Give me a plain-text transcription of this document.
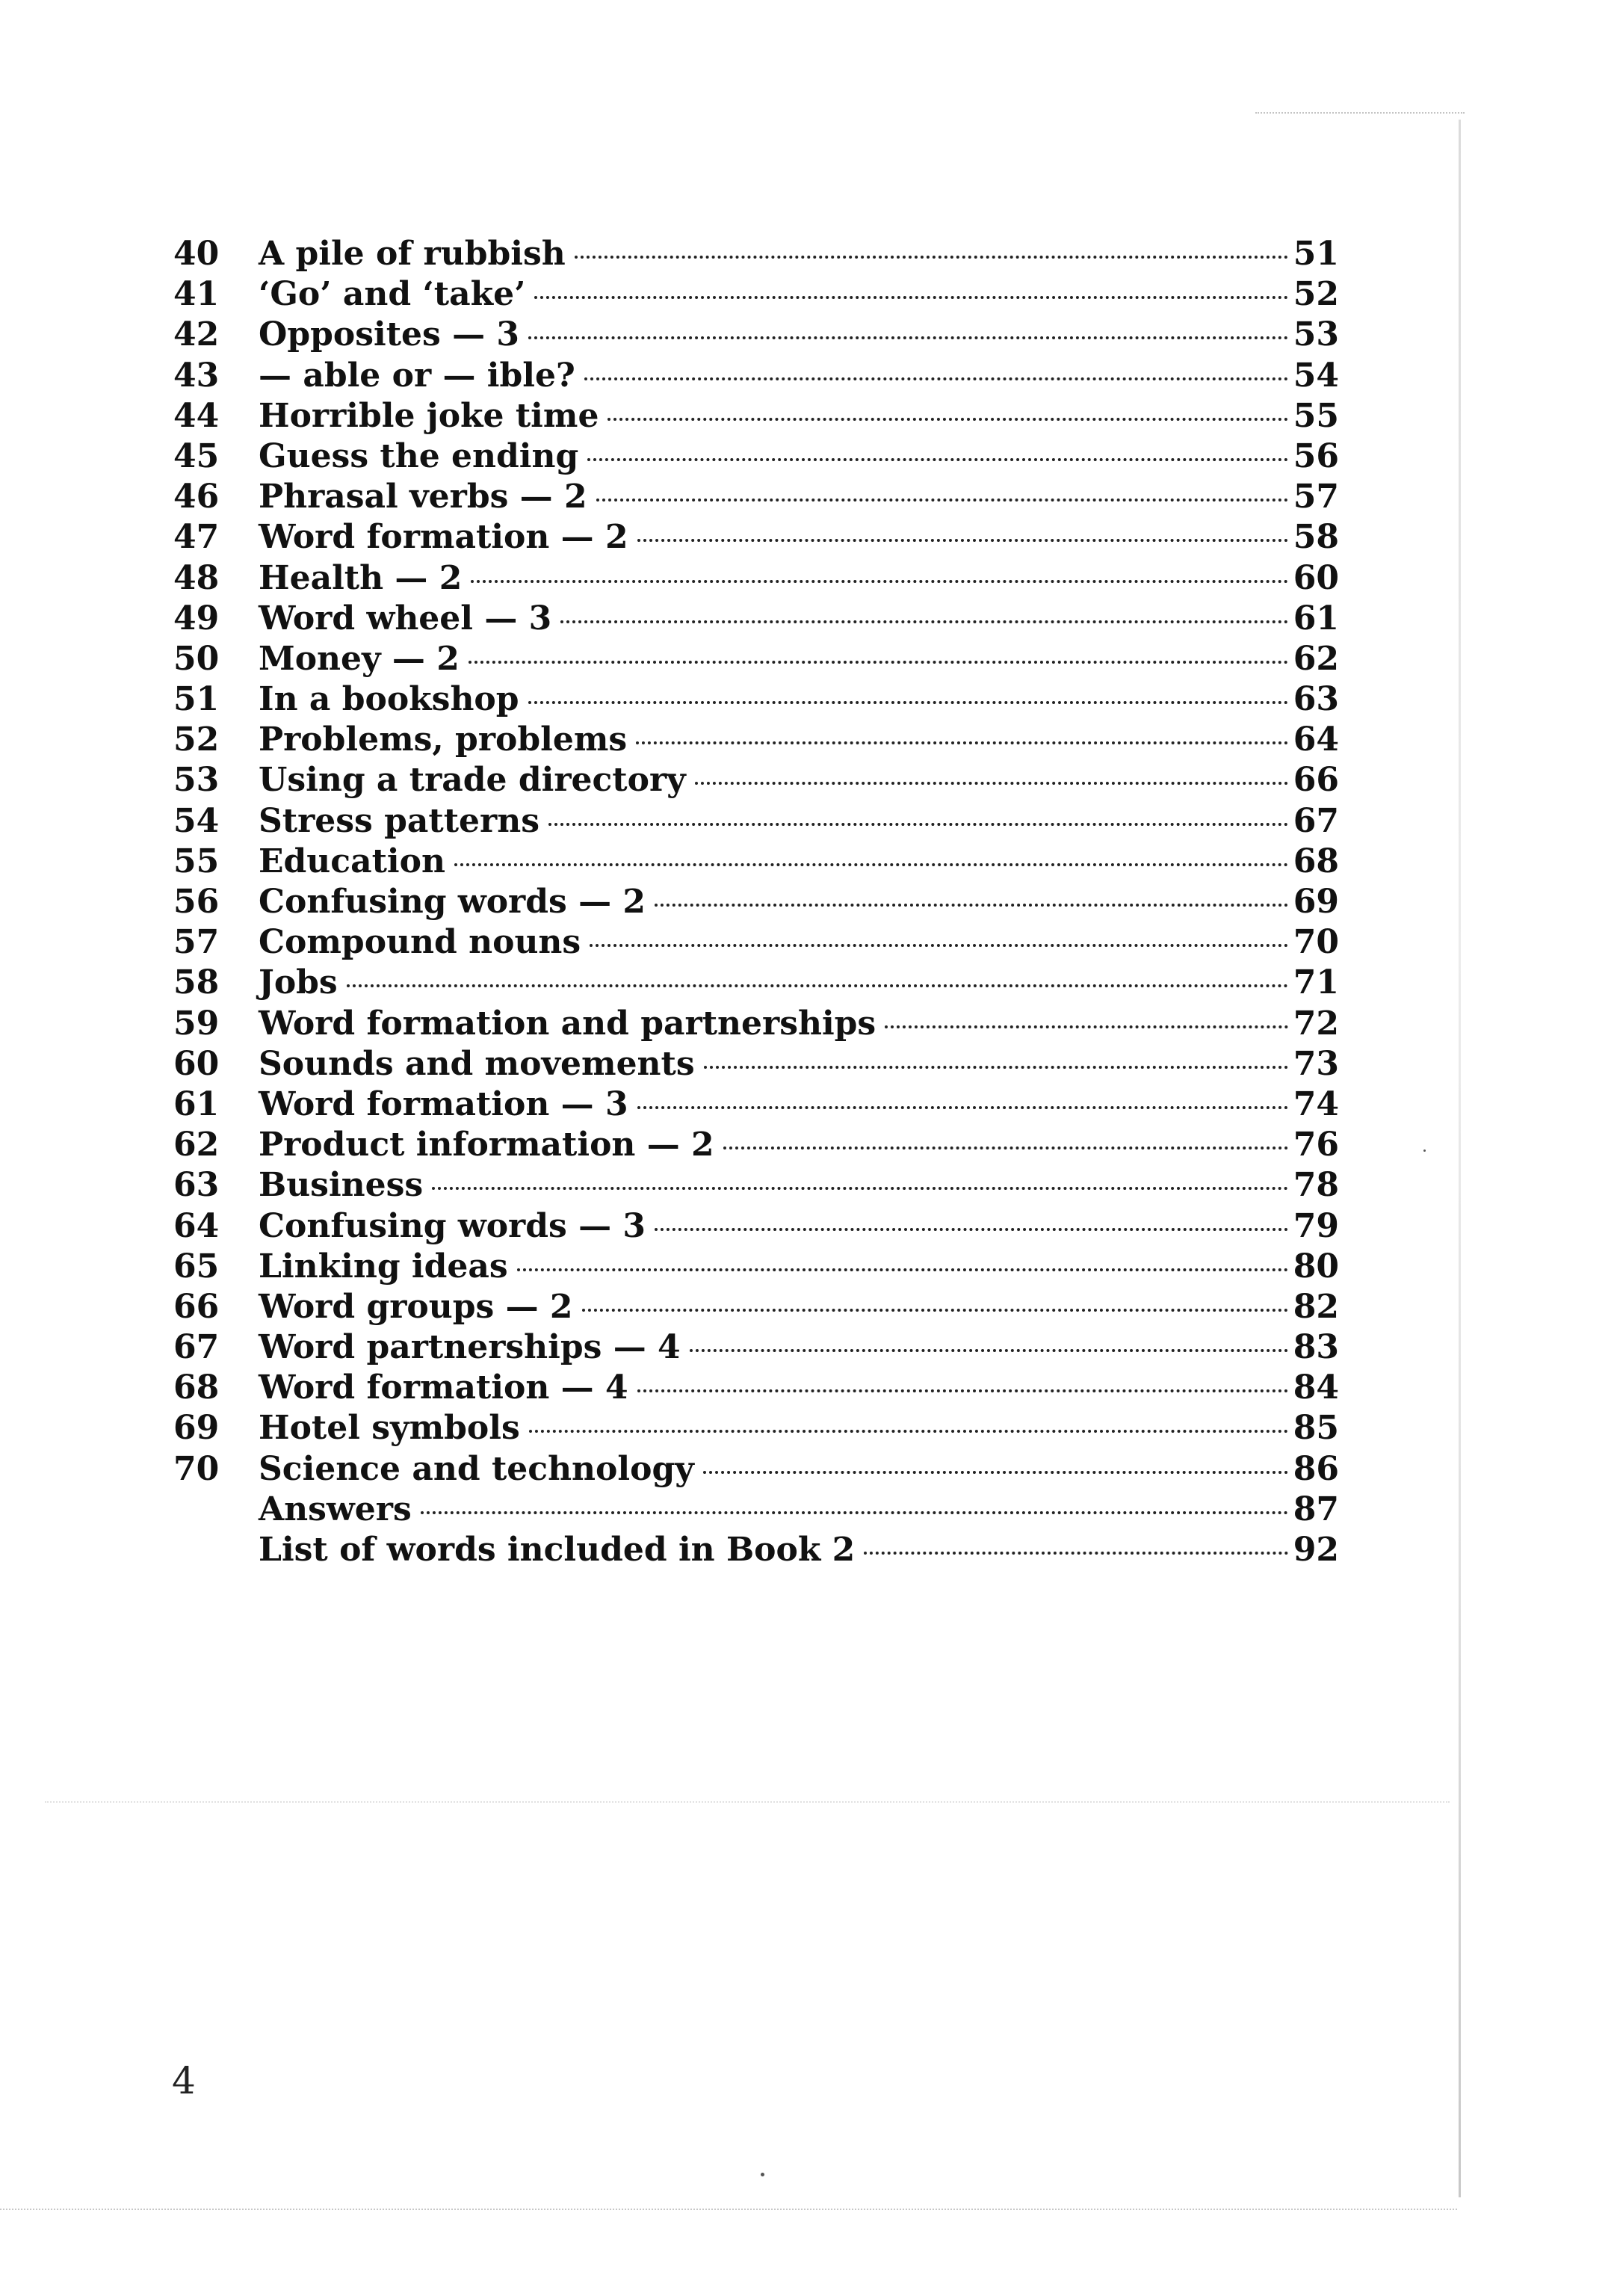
40	A pile of rubbish	51
41	‘Go’ and ‘take’	52
42	Opposites — 3	53
43	— able or — ible?	54
44	Horrible joke time	55
45	Guess the ending	56
46	Phrasal verbs — 2	57
47	Word formation — 2	58
48	Health — 2	60
49	Word wheel — 3	61
50	Money — 2	62
51	In a bookshop	63
52	Problems, problems	64
53	Using a trade directory	66
54	Stress patterns	67
55	Education	68
56	Confusing words — 2	69
57	Compound nouns	70
58	Jobs	71
59	Word formation and partnerships	72
60	Sounds and movements	73
61	Word formation — 3	74
62	Product information — 2	76
63	Business	78
64	Confusing words — 3	79
65	Linking ideas	80
66	Word groups — 2	82
67	Word partnerships — 4	83
68	Word formation — 4	84
69	Hotel symbols	85
70	Science and technology	86
Answers	87
List of words included in Book 2	92
4
